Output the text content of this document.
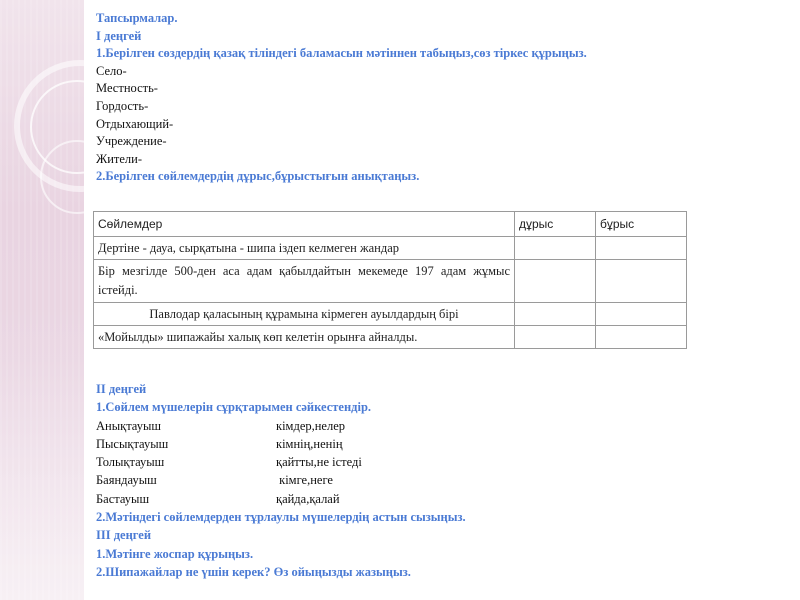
Тапсырмалар.
I деңгей
1.Берілген сөздердің қазақ тіліндегі баламасын мәтіннен табыңыз,сөз тіркес құрыңыз.
Село-
Местность-
Гордость-
Отдыхающий-
Учреждение-
Жители-
2.Берілген сөйлемдердің дұрыс,бұрыстығын анықтаңыз.
Сөйлемдер	дұрыс	бұрыс
Дертіне - дауа, сырқатына - шипа іздеп келмеген жандар		
Бір мезгілде 500-ден аса адам қабылдайтын мекемеде 197 адам жұмыс істейді.		
Павлодар қаласының құрамына кірмеген ауылдардың бірі		
«Мойылды» шипажайы халық көп келетін орынға айналды.		
II деңгей
1.Сөйлем мүшелерін сұрқтарымен сәйкестендір.
Анықтауыш	кімдер,нелер
Пысықтауыш	кімнің,ненің
Толықтауыш	қайтты,не істеді
Баяндауыш	кімге,неге
Бастауыш	қайда,қалай
2.Мәтіндегі сөйлемдерден тұрлаулы мүшелердің астын сызыңыз.
III деңгей
1.Мәтінге жоспар құрыңыз.
2.Шипажайлар не үшін керек? Өз ойыңызды жазыңыз.
